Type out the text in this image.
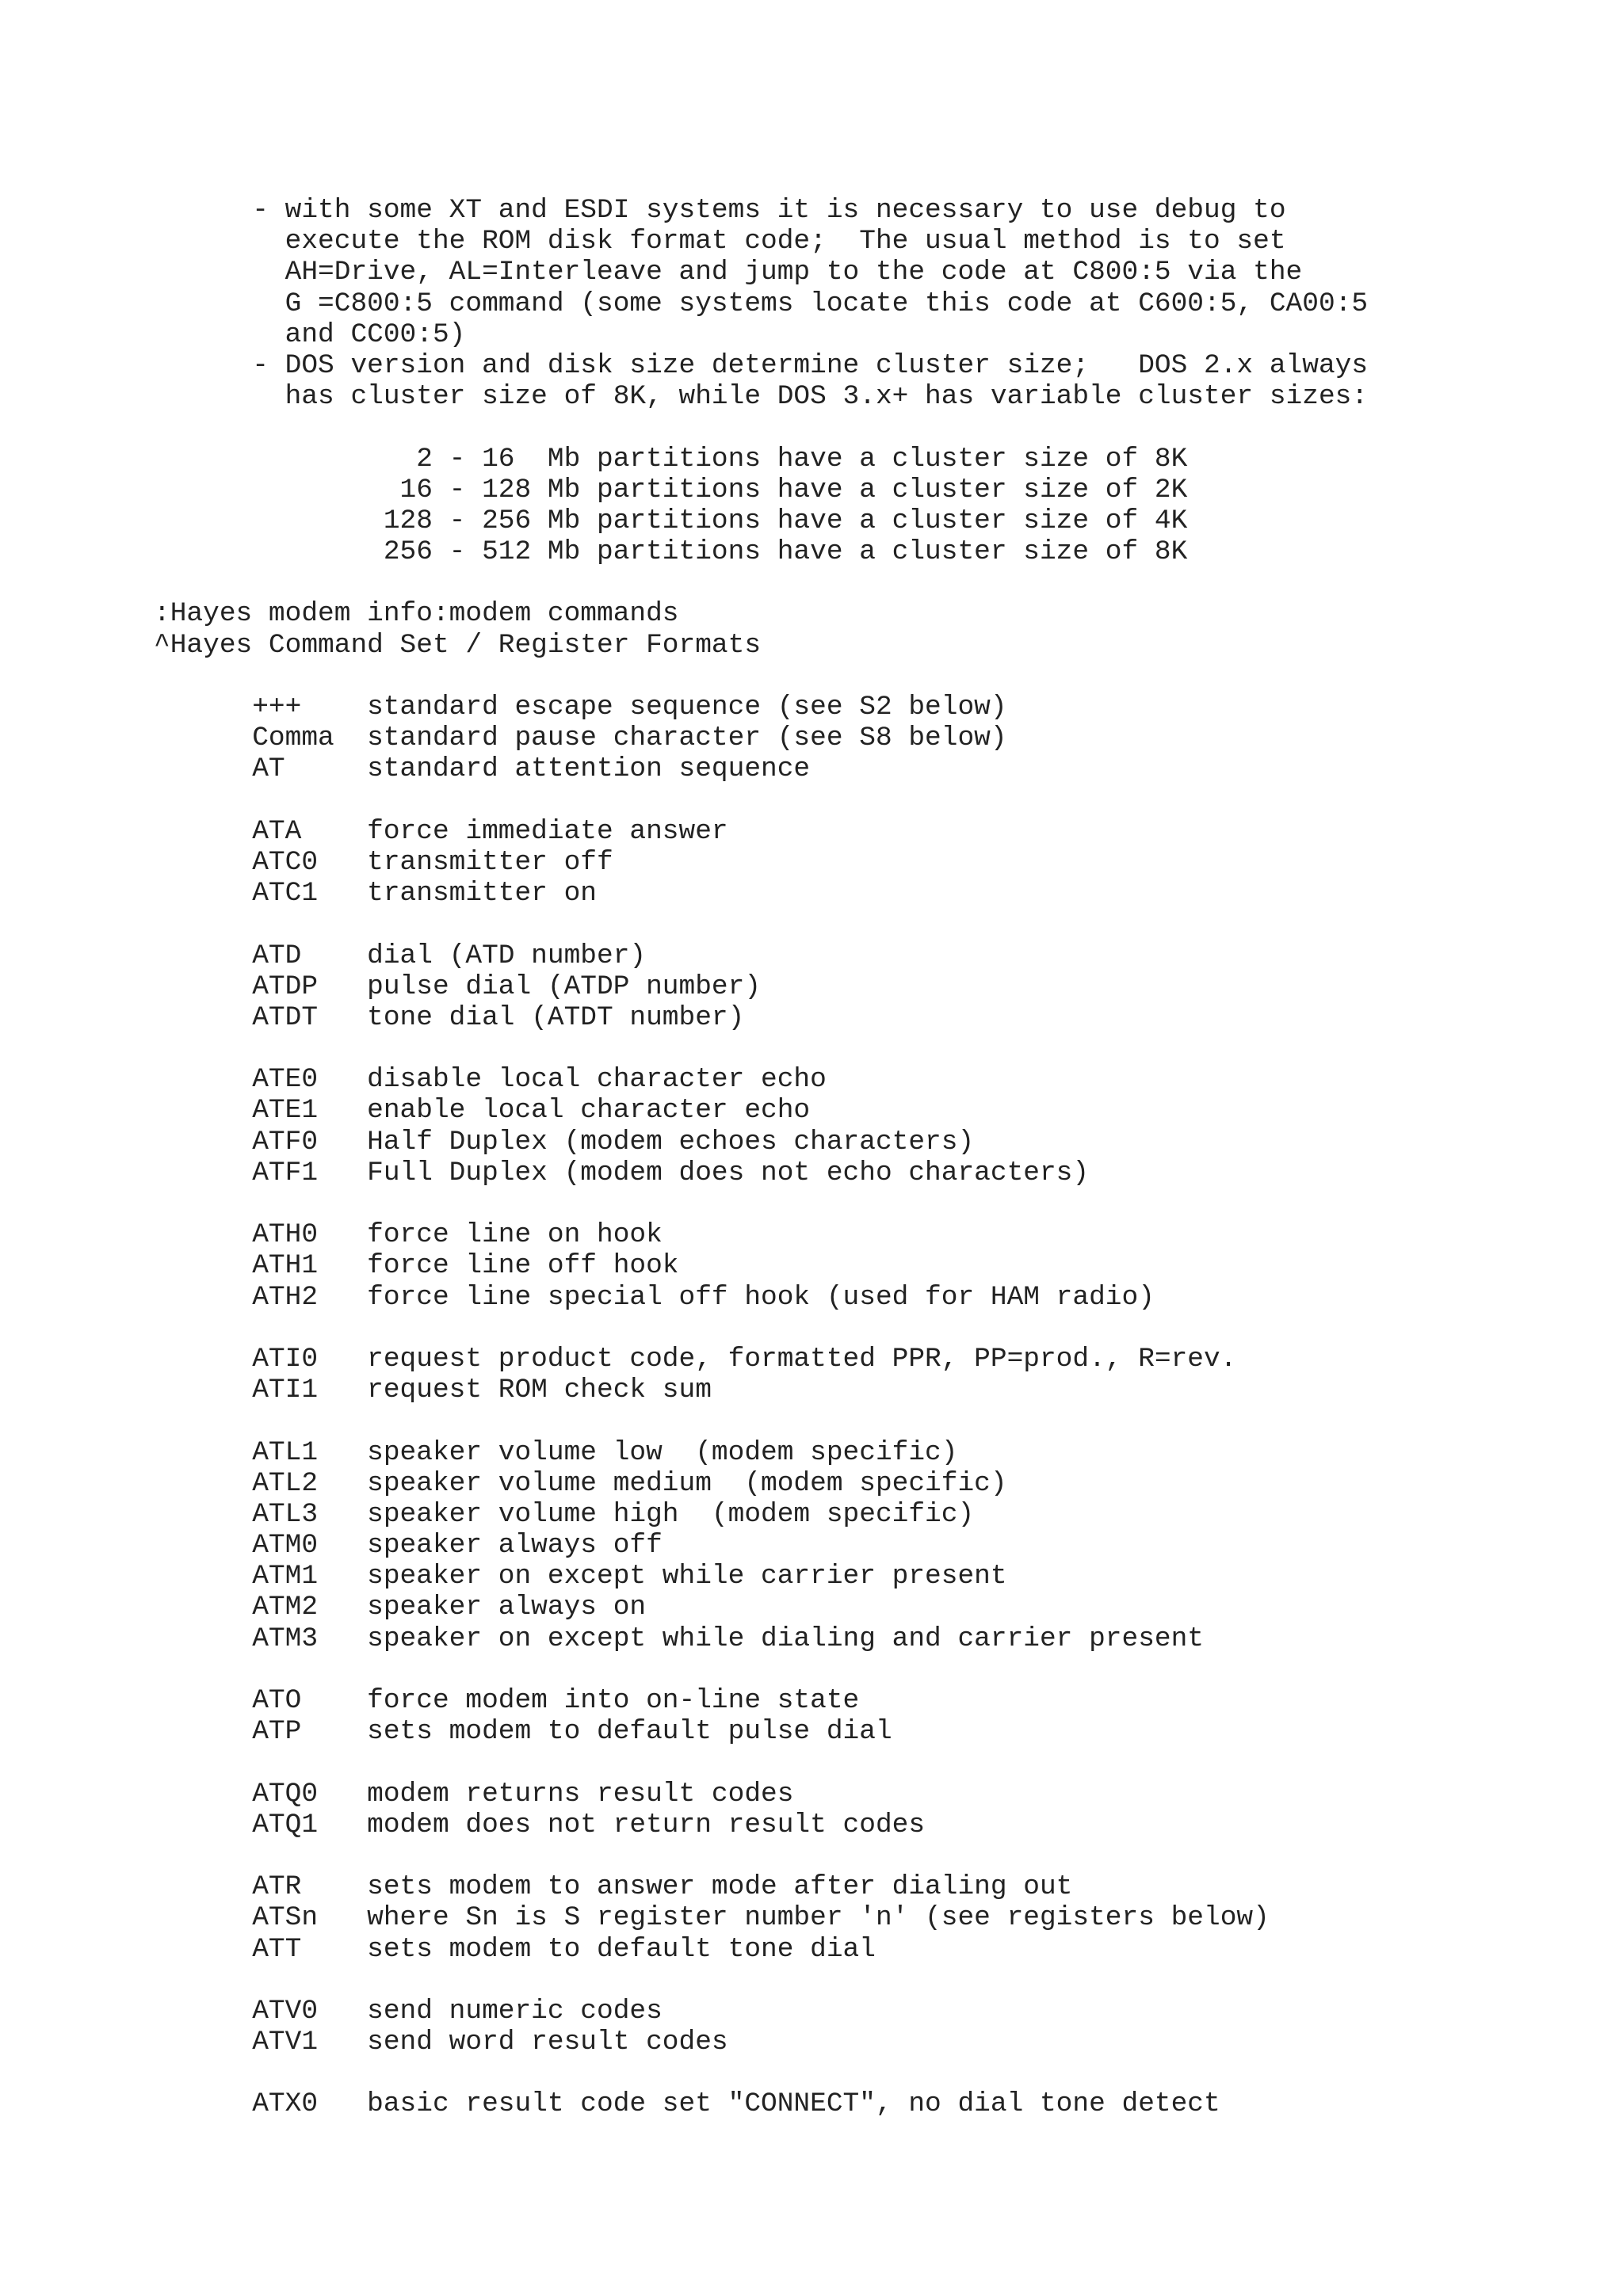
- with some XT and ESDI systems it is necessary to use debug to
execute the ROM disk format code;  The usual method is to set
AH=Drive, AL=Interleave and jump to the code at C800:5 via the
G =C800:5 command (some systems locate this code at C600:5, CA00:5
and CC00:5)
- DOS version and disk size determine cluster size;   DOS 2.x always
has cluster size of 8K, while DOS 3.x+ has variable cluster sizes:
2 - 16  Mb partitions have a cluster size of 8K
16 - 128 Mb partitions have a cluster size of 2K
128 - 256 Mb partitions have a cluster size of 4K
256 - 512 Mb partitions have a cluster size of 8K
:Hayes modem info:modem commands
^Hayes Command Set / Register Formats
+++    standard escape sequence (see S2 below)
Comma  standard pause character (see S8 below)
AT     standard attention sequence
ATA    force immediate answer
ATC0   transmitter off
ATC1   transmitter on
ATD    dial (ATD number)
ATDP   pulse dial (ATDP number)
ATDT   tone dial (ATDT number)
ATE0   disable local character echo
ATE1   enable local character echo
ATF0   Half Duplex (modem echoes characters)
ATF1   Full Duplex (modem does not echo characters)
ATH0   force line on hook
ATH1   force line off hook
ATH2   force line special off hook (used for HAM radio)
ATI0   request product code, formatted PPR, PP=prod., R=rev.
ATI1   request ROM check sum
ATL1   speaker volume low  (modem specific)
ATL2   speaker volume medium  (modem specific)
ATL3   speaker volume high  (modem specific)
ATM0   speaker always off
ATM1   speaker on except while carrier present
ATM2   speaker always on
ATM3   speaker on except while dialing and carrier present
ATO    force modem into on-line state
ATP    sets modem to default pulse dial
ATQ0   modem returns result codes
ATQ1   modem does not return result codes
ATR    sets modem to answer mode after dialing out
ATSn   where Sn is S register number 'n' (see registers below)
ATT    sets modem to default tone dial
ATV0   send numeric codes
ATV1   send word result codes
ATX0   basic result code set "CONNECT", no dial tone detect
